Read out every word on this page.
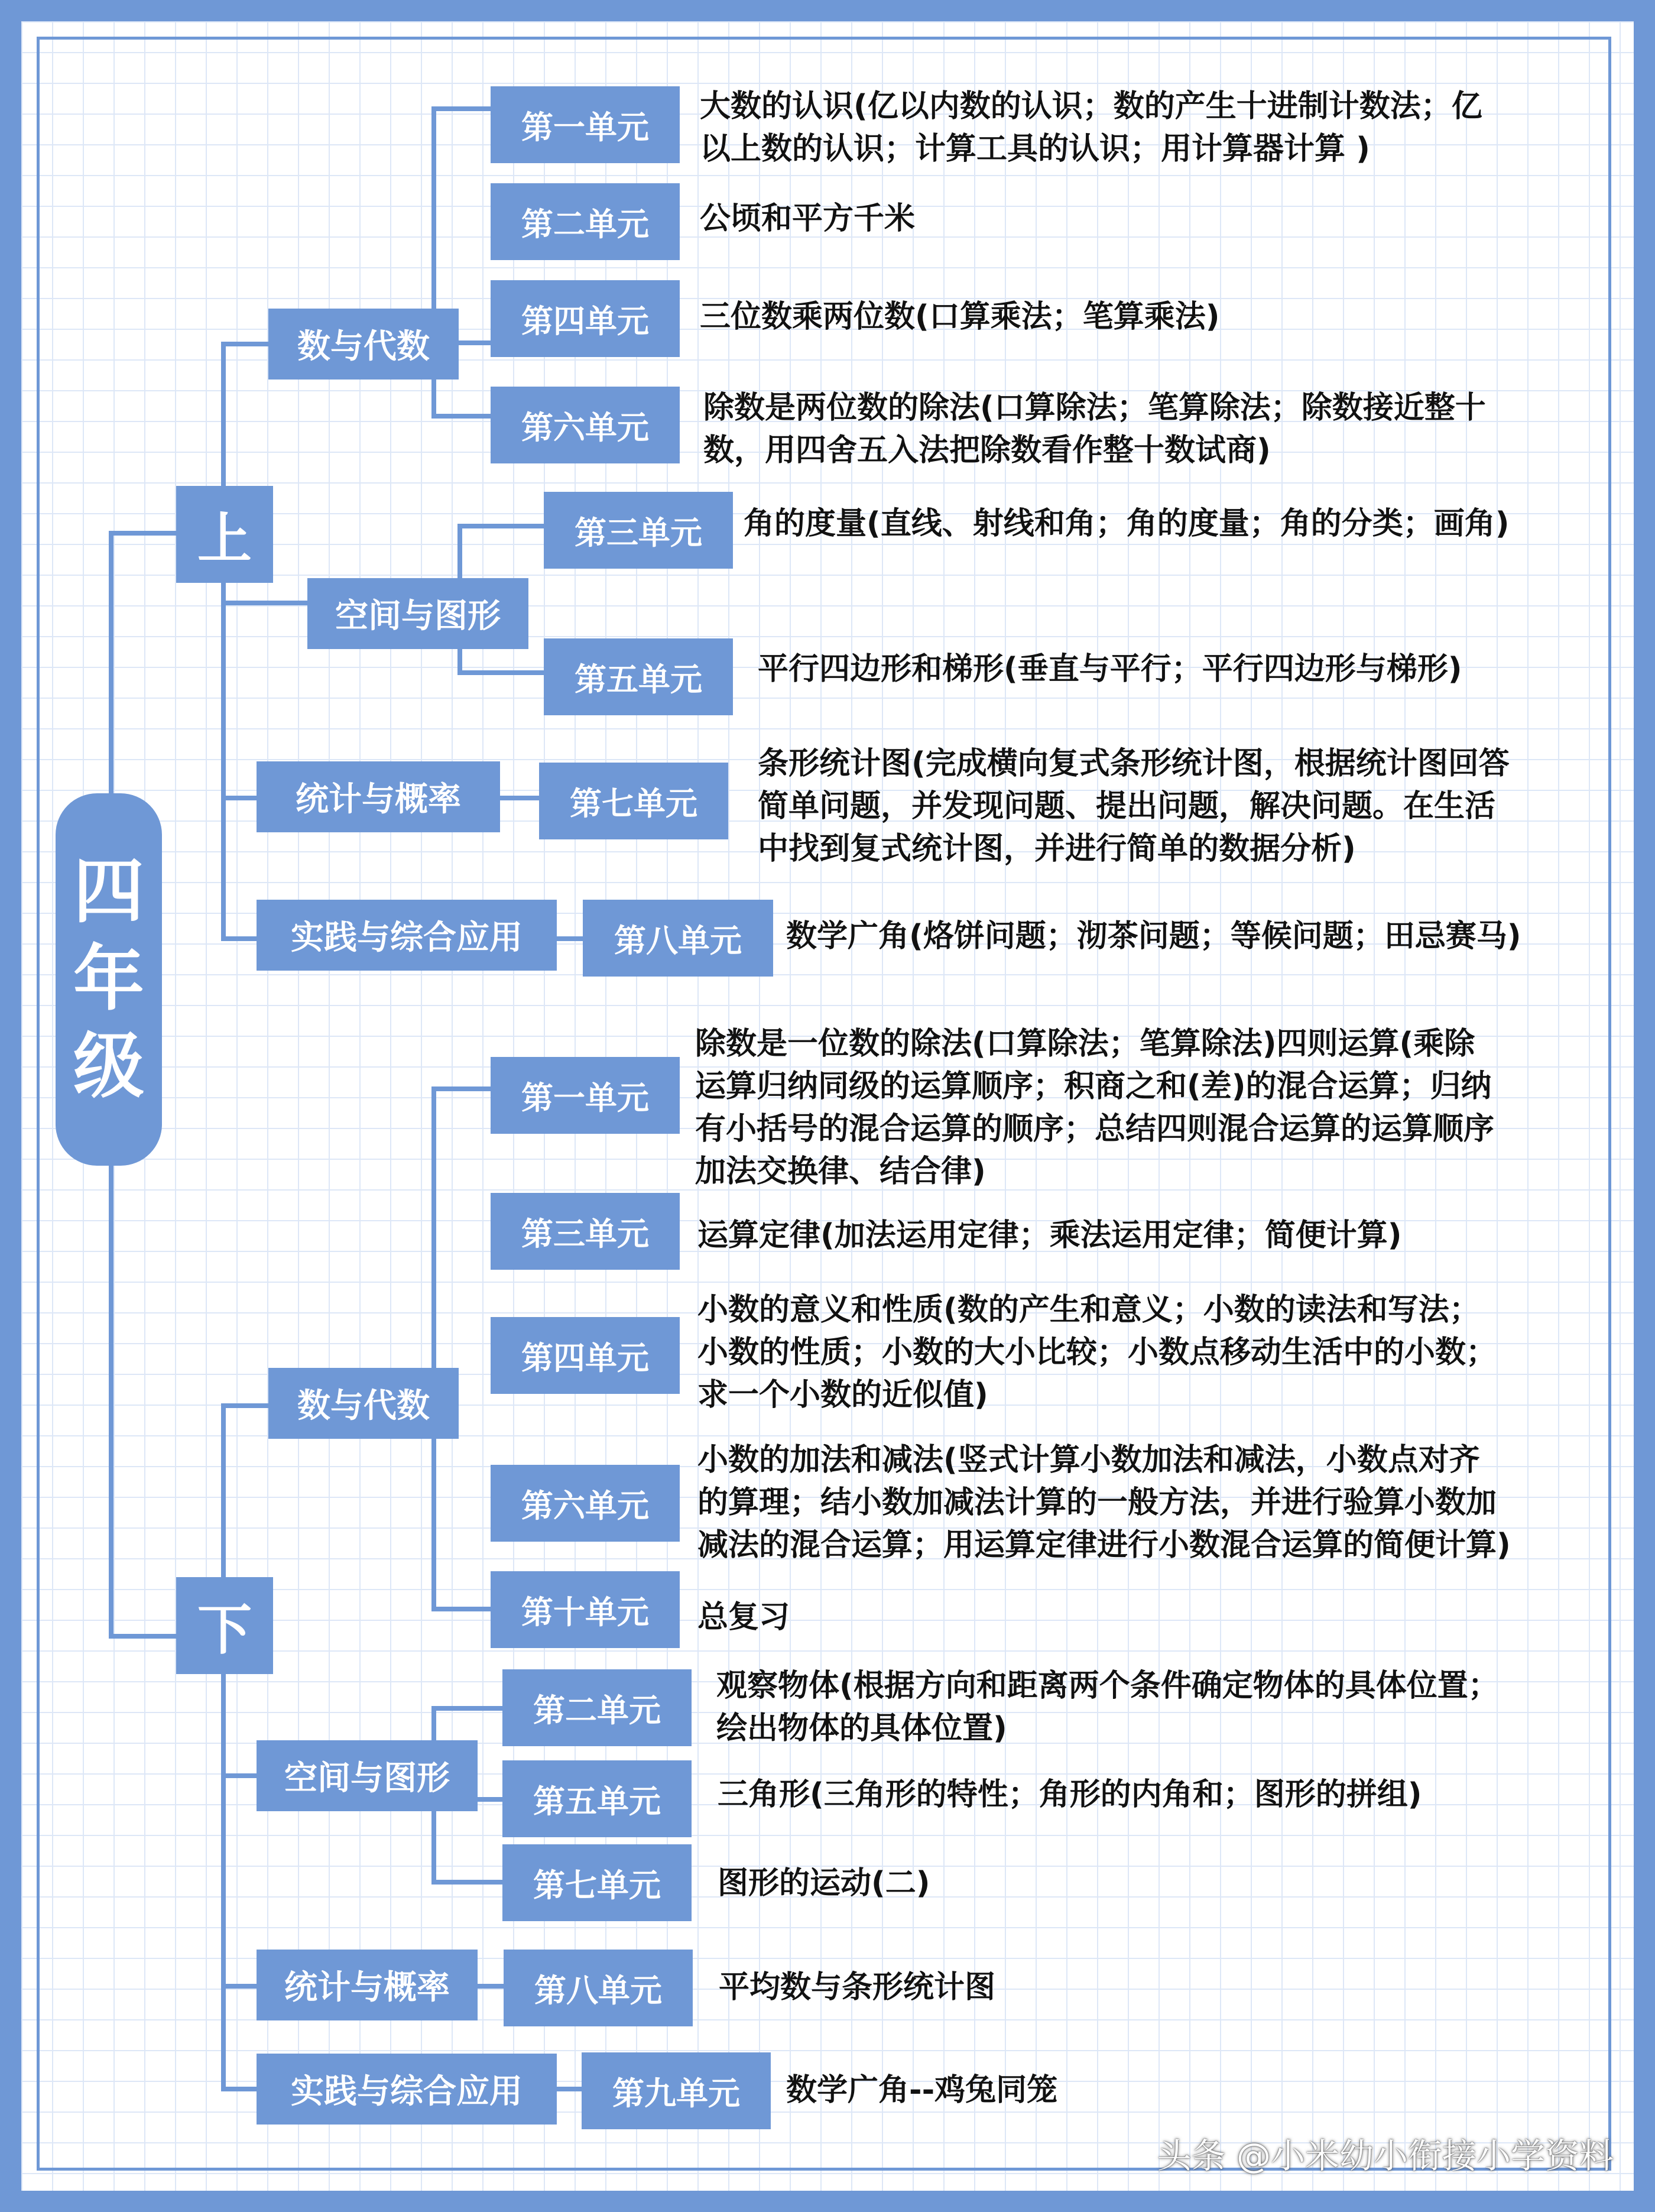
四
年
级
上
下
数与代数
空间与图形
统计与概率
实践与综合应用
第一单元
第二单元
第四单元
第六单元
第三单元
第五单元
第七单元
第八单元
大数的认识(亿以内数的认识；数的产生十进制计数法；亿
以上数的认识；计算工具的认识；用计算器计算 )
公顷和平方千米
三位数乘两位数(口算乘法；笔算乘法)
除数是两位数的除法(口算除法；笔算除法；除数接近整十
数，用四舍五入法把除数看作整十数试商)
角的度量(直线、射线和角；角的度量；角的分类；画角)
平行四边形和梯形(垂直与平行；平行四边形与梯形)
条形统计图(完成横向复式条形统计图，根据统计图回答
简单问题，并发现问题、提出问题，解决问题。在生活
中找到复式统计图，并进行简单的数据分析)
数学广角(烙饼问题；沏茶问题；等候问题；田忌赛马)
数与代数
空间与图形
统计与概率
实践与综合应用
第一单元
第三单元
第四单元
第六单元
第十单元
第二单元
第五单元
第七单元
第八单元
第九单元
除数是一位数的除法(口算除法；笔算除法)四则运算(乘除
运算归纳同级的运算顺序；积商之和(差)的混合运算；归纳
有小括号的混合运算的顺序；总结四则混合运算的运算顺序
加法交换律、结合律)
运算定律(加法运用定律；乘法运用定律；简便计算)
小数的意义和性质(数的产生和意义；小数的读法和写法；
小数的性质；小数的大小比较；小数点移动生活中的小数；
求一个小数的近似值)
小数的加法和减法(竖式计算小数加法和减法，小数点对齐
的算理；结小数加减法计算的一般方法，并进行验算小数加
减法的混合运算；用运算定律进行小数混合运算的简便计算)
总复习
观察物体(根据方向和距离两个条件确定物体的具体位置；
绘出物体的具体位置)
三角形(三角形的特性；角形的内角和；图形的拼组)
图形的运动(二)
平均数与条形统计图
数学广角--鸡兔同笼
头条 @小米幼小衔接小学资料
